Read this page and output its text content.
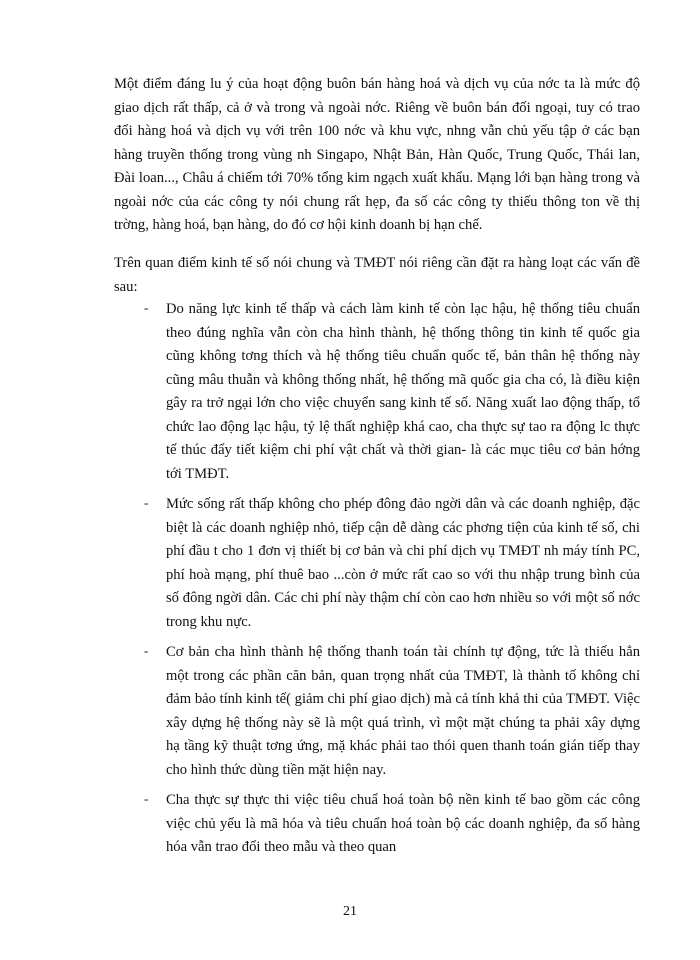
Một điểm đáng lu ý của hoạt động buôn bán hàng hoá và dịch vụ của nớc ta là mức độ giao dịch rất thấp, cả ở và trong và ngoài nớc. Riêng về buôn bán đối ngoại, tuy có trao đổi hàng hoá và dịch vụ với trên 100 nớc và khu vực, nhng vẫn chủ yếu tập ở các bạn hàng truyền thống trong vùng nh Singapo, Nhật Bản, Hàn Quốc, Trung Quốc, Thái lan, Đài loan..., Châu á chiếm tới 70% tổng kim ngạch xuất khẩu. Mạng lới bạn hàng trong và ngoài nớc của các công ty nói chung rất hẹp, đa số các công ty thiếu thông ton về thị trờng, hàng hoá, bạn hàng, do đó cơ hội kinh doanh bị hạn chế.

Trên quan điểm kinh tế số nói chung và TMĐT nói riêng cần đặt ra hàng loạt các vấn đề sau:

- Do năng lực kinh tế thấp và cách làm kinh tế còn lạc hậu, hệ thống tiêu chuẩn theo đúng nghĩa vẫn còn cha hình thành, hệ thống thông tin kinh tế quốc gia cũng không tơng thích và hệ thống tiêu chuẩn quốc tế, bản thân hệ thống này cũng mâu thuẫn và không thống nhất, hệ thống mã quốc gia cha có, là điều kiện gây ra trở ngại lớn cho việc chuyển sang kinh tế số. Năng xuất lao động thấp, tổ chức lao động lạc hậu, tỷ lệ thất nghiệp khá cao, cha thực sự tao ra động lc thực tế thúc đẩy tiết kiệm chi phí vật chất và thời gian- là các mục tiêu cơ bản hớng tới TMĐT.

- Mức sống rất thấp không cho phép đông đảo ngời dân và các doanh nghiệp, đặc biệt là các doanh nghiệp nhỏ, tiếp cận dễ dàng các phơng tiện của kinh tế số, chi phí đầu t cho 1 đơn vị thiết bị cơ bản và chi phí dịch vụ TMĐT nh máy tính PC, phí hoà mạng, phí thuê bao ...còn ở mức rất cao so với thu nhập trung bình của số đông ngời dân. Các chi phí này thậm chí còn cao hơn nhiều so với một số nớc trong khu nực.

- Cơ bản cha hình thành hệ thống thanh toán tài chính tự động, tức là thiếu hẳn một trong các phần căn bản, quan trọng nhất của TMĐT, là thành tố không chỉ đảm bảo tính kinh tế( giảm chi phí giao dịch) mà cả tính khả thi của TMĐT. Việc xây dựng hệ thống này sẽ là một quá trình, vì một mặt chúng ta phải xây dựng hạ tầng kỹ thuật tơng ứng, mặ khác phải tao thói quen thanh toán gián tiếp thay cho hình thức dùng tiền mặt hiện nay.

- Cha thực sự thực thi việc tiêu chuẩ hoá toàn bộ nền kinh tế bao gồm các công việc chủ yếu là mã hóa và tiêu chuẩn hoá toàn bộ các doanh nghiệp, đa số hàng hóa vẫn trao đổi theo mẫu và theo quan

21
